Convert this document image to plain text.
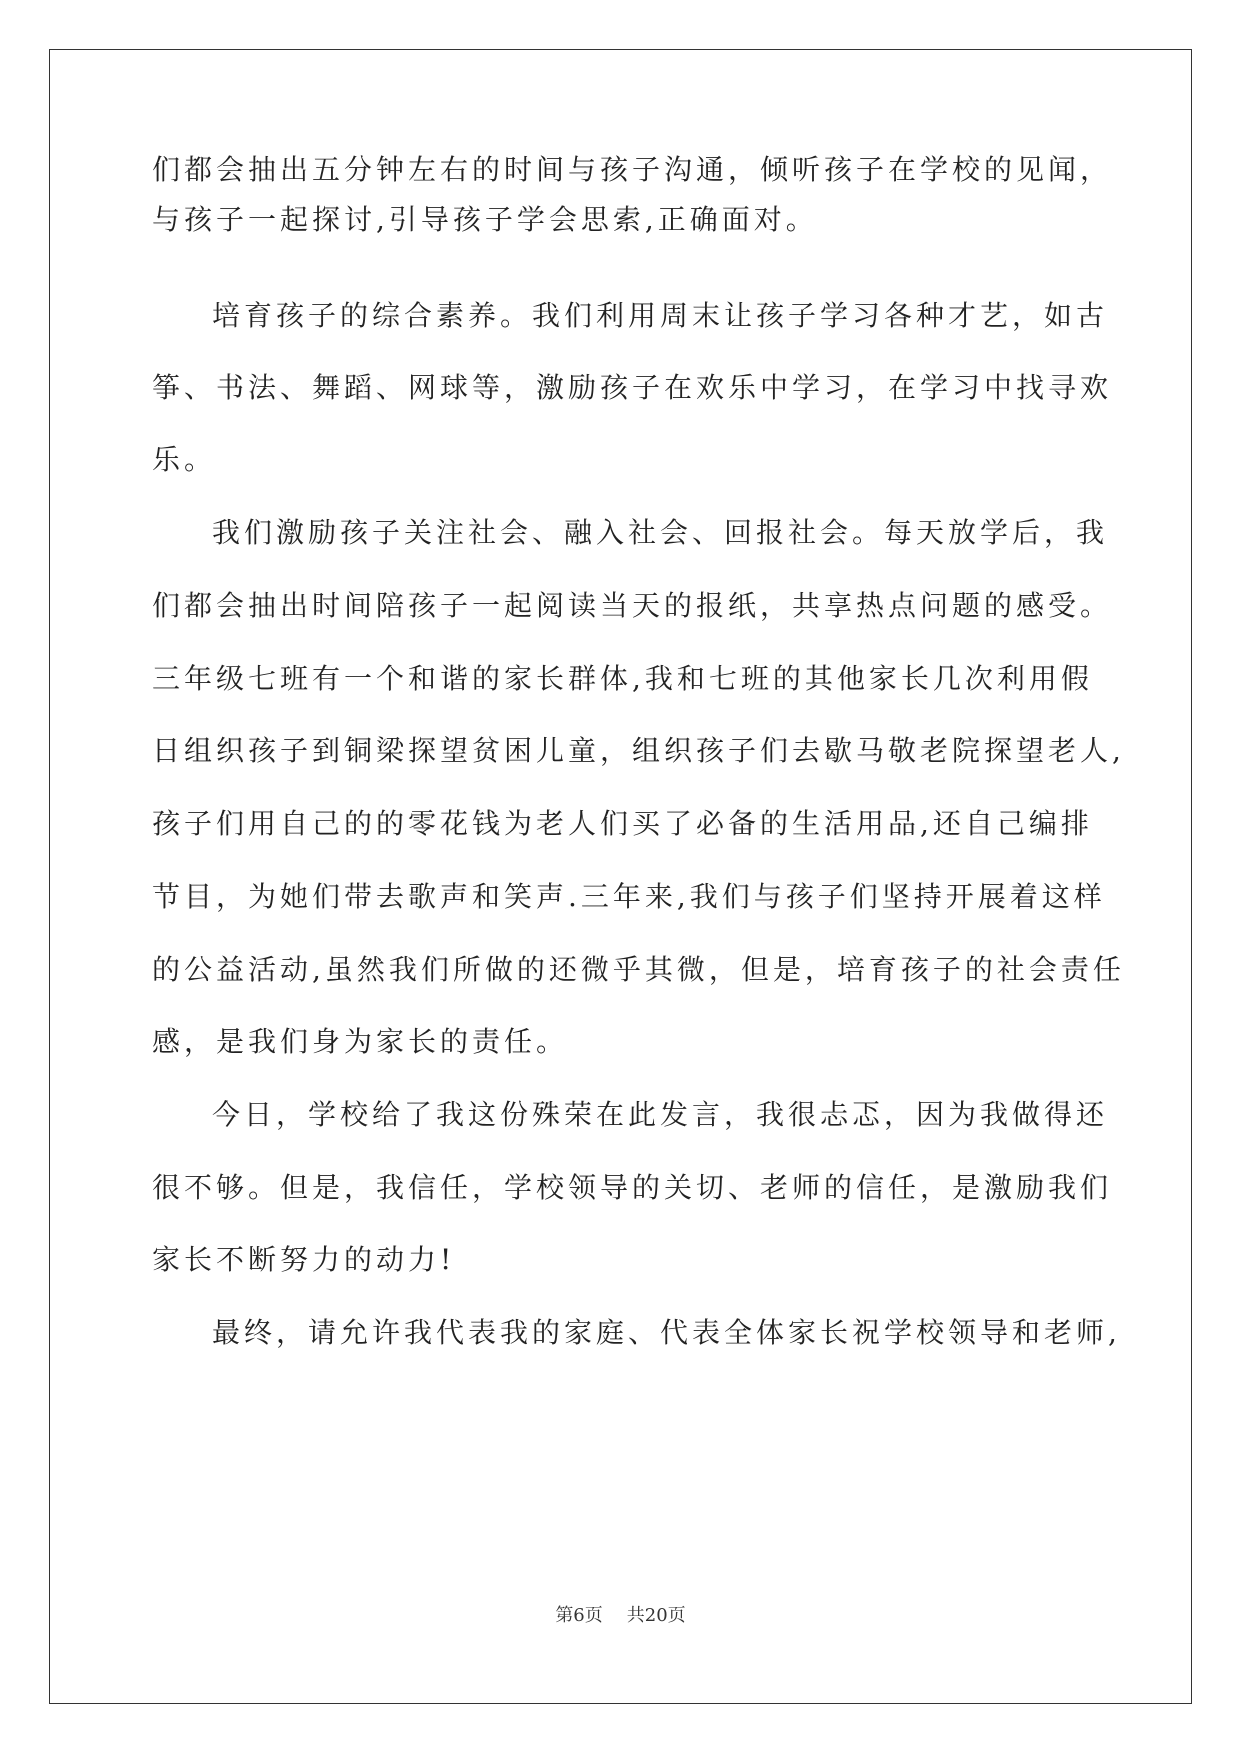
们都会抽出五分钟左右的时间与孩子沟通，倾听孩子在学校的见闻，
与孩子一起探讨,引导孩子学会思索,正确面对。
培育孩子的综合素养。我们利用周末让孩子学习各种才艺，如古
筝、书法、舞蹈、网球等，激励孩子在欢乐中学习，在学习中找寻欢
乐。
我们激励孩子关注社会、融入社会、回报社会。每天放学后，我
们都会抽出时间陪孩子一起阅读当天的报纸，共享热点问题的感受。
三年级七班有一个和谐的家长群体,我和七班的其他家长几次利用假
日组织孩子到铜梁探望贫困儿童，组织孩子们去歇马敬老院探望老人,
孩子们用自己的的零花钱为老人们买了必备的生活用品,还自己编排
节目，为她们带去歌声和笑声.三年来,我们与孩子们坚持开展着这样
的公益活动,虽然我们所做的还微乎其微，但是，培育孩子的社会责任
感，是我们身为家长的责任。
今日，学校给了我这份殊荣在此发言，我很忐忑，因为我做得还
很不够。但是，我信任，学校领导的关切、老师的信任，是激励我们
家长不断努力的动力!
最终，请允许我代表我的家庭、代表全体家长祝学校领导和老师,
第6页 共20页
